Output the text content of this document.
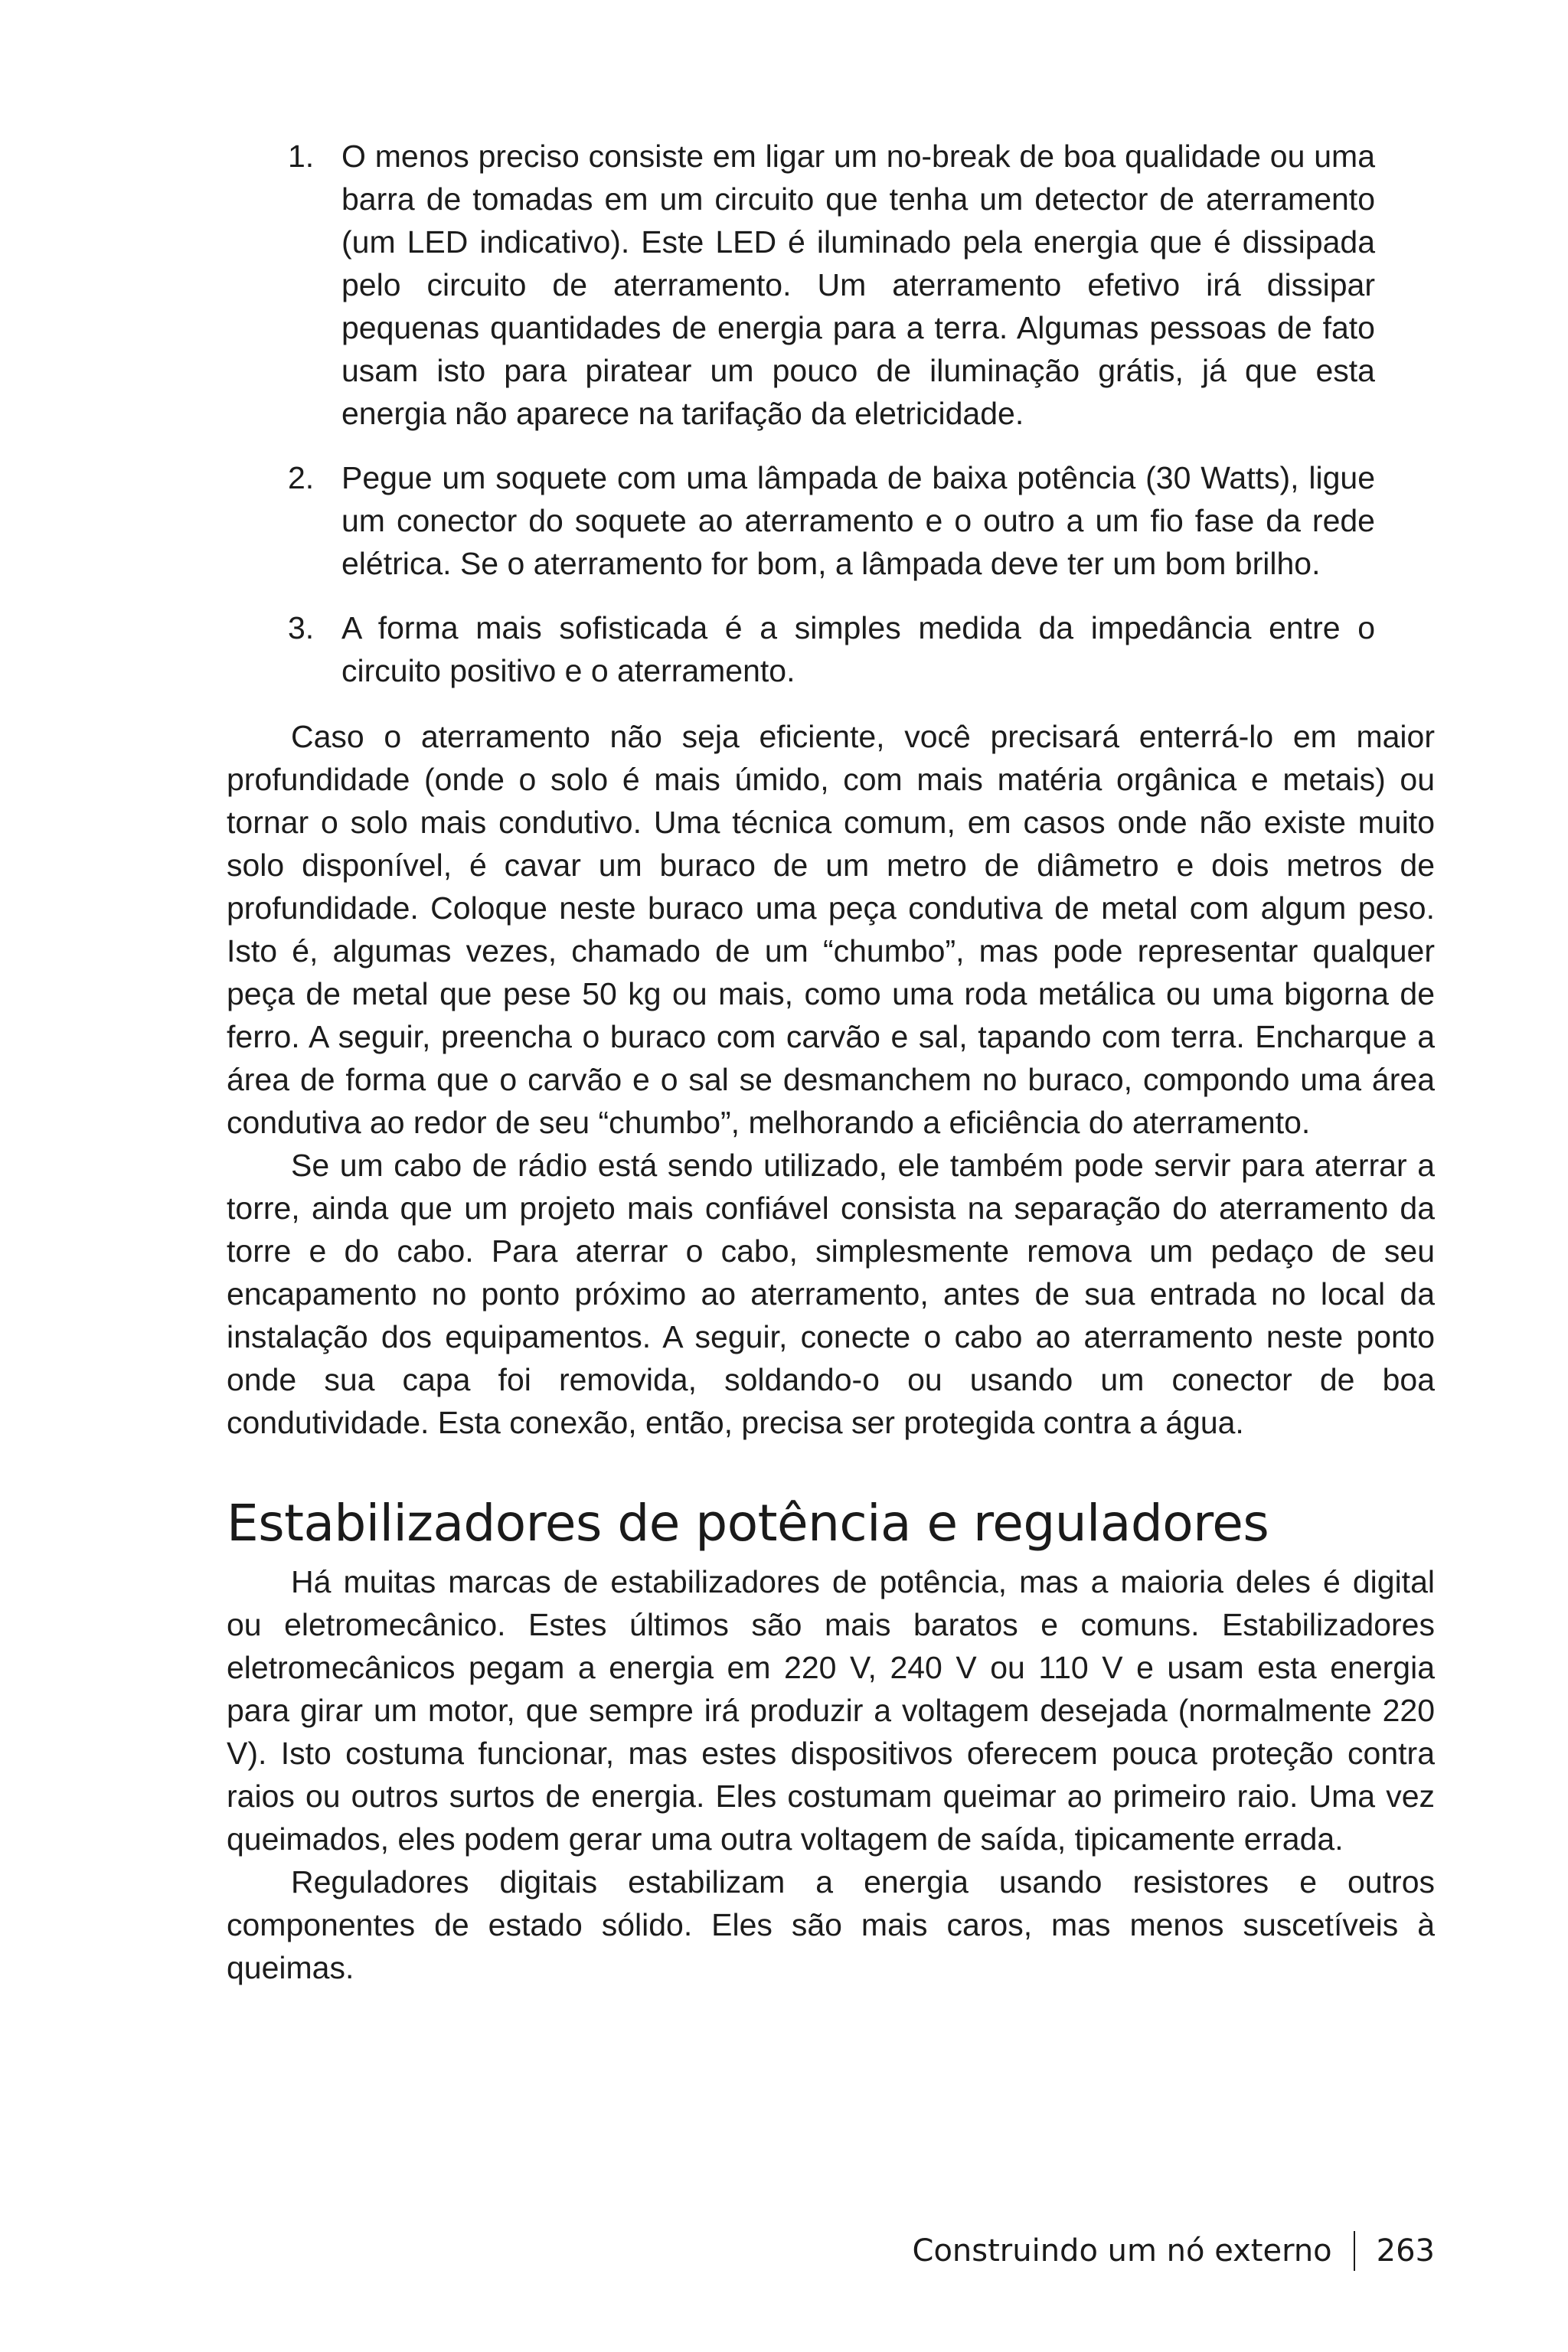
1. O menos preciso consiste em ligar um no-break de boa qualidade ou uma barra de tomadas em um circuito que tenha um detector de aterramento (um LED indicativo). Este LED é iluminado pela energia que é dissipada pelo circuito de aterramento. Um aterramento efetivo irá dissipar pequenas quantidades de energia para a terra. Algumas pessoas de fato usam isto para piratear um pouco de iluminação grátis, já que esta energia não aparece na tarifação da eletricidade.
2. Pegue um soquete com uma lâmpada de baixa potência (30 Watts), ligue um conector do soquete ao aterramento e o outro a um fio fase da rede elétrica. Se o aterramento for bom, a lâmpada deve ter um bom brilho.
3. A forma mais sofisticada é a simples medida da impedância entre o circuito positivo e o aterramento.

Caso o aterramento não seja eficiente, você precisará enterrá-lo em maior profundidade (onde o solo é mais úmido, com mais matéria orgânica e metais) ou tornar o solo mais condutivo. Uma técnica comum, em casos onde não existe muito solo disponível, é cavar um buraco de um metro de diâmetro e dois metros de profundidade. Coloque neste buraco uma peça condutiva de metal com algum peso. Isto é, algumas vezes, chamado de um “chumbo”, mas pode representar qualquer peça de metal que pese 50 kg ou mais, como uma roda metálica ou uma bigorna de ferro. A seguir, preencha o buraco com carvão e sal, tapando com terra. Encharque a área de forma que o carvão e o sal se desmanchem no buraco, compondo uma área condutiva ao redor de seu “chumbo”, melhorando a eficiência do aterramento.

Se um cabo de rádio está sendo utilizado, ele também pode servir para aterrar a torre, ainda que um projeto mais confiável consista na separação do aterramento da torre e do cabo. Para aterrar o cabo, simplesmente remova um pedaço de seu encapamento no ponto próximo ao aterramento, antes de sua entrada no local da instalação dos equipamentos. A seguir, conecte o cabo ao aterramento neste ponto onde sua capa foi removida, soldando-o ou usando um conector de boa condutividade. Esta conexão, então, precisa ser protegida contra a água.

Estabilizadores de potência e reguladores

Há muitas marcas de estabilizadores de potência, mas a maioria deles é digital ou eletromecânico. Estes últimos são mais baratos e comuns. Estabilizadores eletromecânicos pegam a energia em 220 V, 240 V ou 110 V e usam esta energia para girar um motor, que sempre irá produzir a voltagem desejada (normalmente 220 V). Isto costuma funcionar, mas estes dispositivos oferecem pouca proteção contra raios ou outros surtos de energia. Eles costumam queimar ao primeiro raio. Uma vez queimados, eles podem gerar uma outra voltagem de saída, tipicamente errada.

Reguladores digitais estabilizam a energia usando resistores e outros componentes de estado sólido. Eles são mais caros, mas menos suscetíveis à queimas.

Construindo um nó externo 263
